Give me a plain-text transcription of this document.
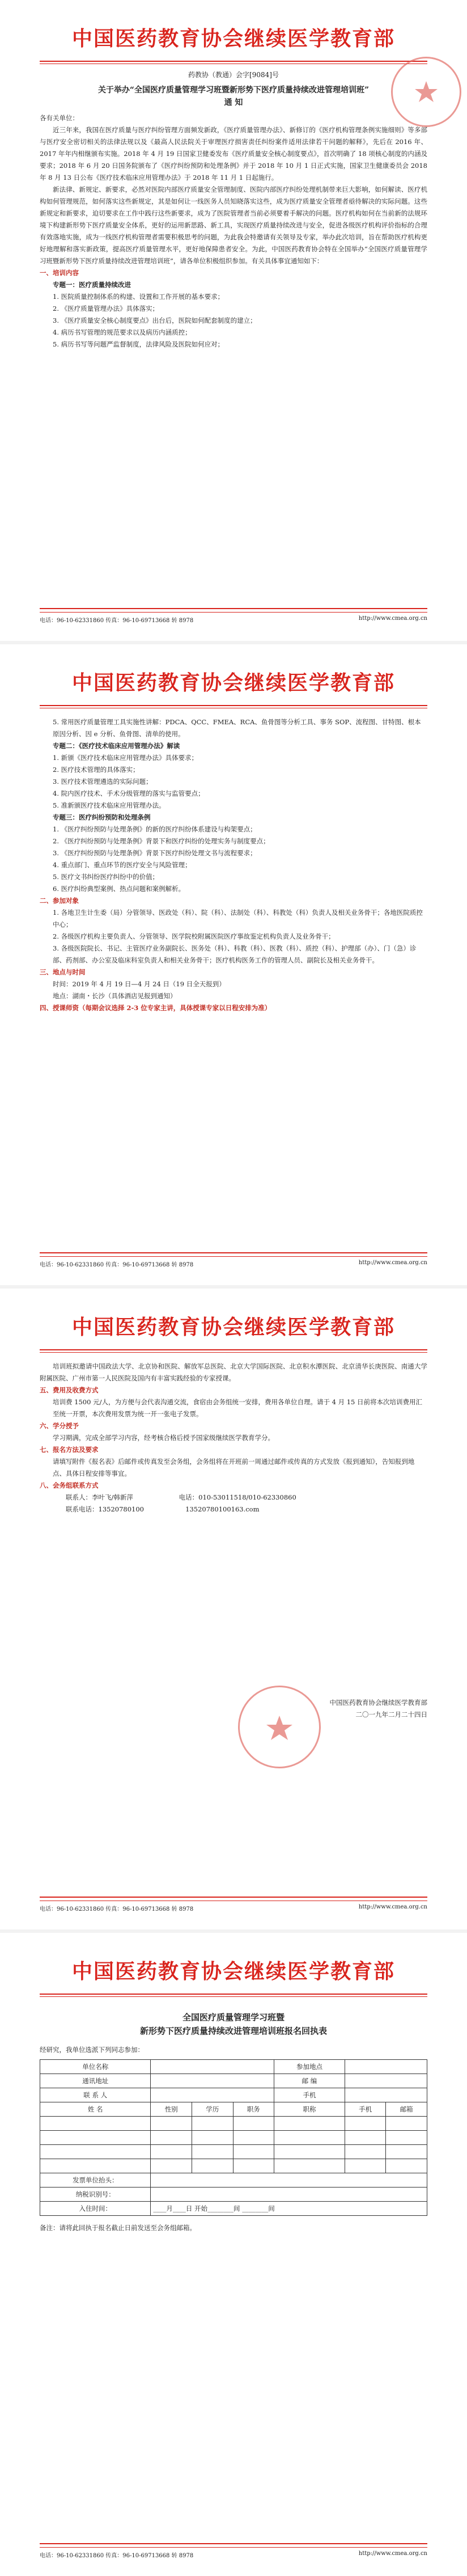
中国医药教育协会继续医学教育部
药教协（教通）会字[9084]号
关于举办“全国医疗质量管理学习班暨新形势下医疗质量持续改进管理培训班”
通 知

各有关单位：

近三年来，我国在医疗质量与医疗纠纷管理方面频发新政，《医疗质量管理办法》、新修订的《医疗机构管理条例实施细则》等多部与医疗安全密切相关的法律法规以及《最高人民法院关于审理医疗损害责任纠纷案件适用法律若干问题的解释》，先后在 2016 年、2017 年年内相继颁布实施。2018 年 4 月 19 日国家卫健委发布《医疗质量安全核心制度要点》，首次明确了 18 项核心制度的内涵及要求；2018 年 6 月 20 日国务院颁布了《医疗纠纷预防和处理条例》并于 2018 年 10 月 1 日正式实施，国家卫生健康委员会 2018 年 8 月 13 日公布《医疗技术临床应用管理办法》于 2018 年 11 月 1 日起施行。

新法律、新规定、新要求，必然对医院内部医疗质量安全管理制度、医院内部医疗纠纷处理机制带来巨大影响，如何解读、医疗机构如何管理规范，如何落实这些新规定，其是如何让一线医务人员知晓落实这些，成为医疗质量安全管理者亟待解决的实际问题。这些新规定和新要求，迫切要求在工作中践行这些新要求，成为了医院管理者当前必须要着手解决的问题。医疗机构如何在当前新的法规环境下构建新形势下医疗质量安全体系，更好的运用新思路、新工具，实现医疗质量持续改进与安全，促进各级医疗机构评价指标的合理有效落地实施，成为一线医疗机构管理者需要积极思考的问题，为此我会特邀请有关领导及专家，举办此次培训，旨在帮助医疗机构更好地理解和落实新政策，提高医疗质量管理水平，更好地保障患者安全。为此，中国医药教育协会特在全国举办“全国医疗质量管理学习班暨新形势下医疗质量持续改进管理培训班”，请各单位积极组织参加。有关具体事宜通知如下：

一、培训内容

专题一：医疗质量持续改进

1. 医院质量控制体系的构建、设置和工作开展的基本要求；

2. 《医疗质量管理办法》具体落实；

3. 《医疗质量安全核心制度要点》出台后，医院如何配套制度的建立；

4. 病历书写管理的规范要求以及病历内涵质控；

5. 病历书写等问题严监督制度，法律风险及医院如何应对；

电话：96-10-62331860 传真：96-10-69713668 转 8978	http://www.cmea.org.cn
中国医药教育协会继续医学教育部

5. 常用医疗质量管理工具实施性讲解：PDCA、QCC、FMEA、RCA、鱼骨图等分析工具、事务 SOP、流程图、甘特图、根本原因分析、因 e 分析、鱼骨图、清单的使用。

专题二：《医疗技术临床应用管理办法》解读

1. 新颁《医疗技术临床应用管理办法》具体要求；

2. 医疗技术管理的具体落实；

3. 医疗技术管理遴选的实际问题；

4. 院内医疗技术、手术分级管理的落实与监管要点；

5. 准新颁医疗技术临床应用管理办法。

专题三：医疗纠纷预防和处理条例

1. 《医疗纠纷预防与处理条例》的新的医疗纠纷体系建设与构架要点；

2. 《医疗纠纷预防与处理条例》背景下和医疗纠纷的处理实务与制度要点；

3. 《医疗纠纷预防与处理条例》背景下医疗纠纷处理文书与流程要求；

4. 重点部门、重点环节的医疗安全与风险管理；

5. 医疗文书纠纷医疗纠纷中的价值；

6. 医疗纠纷典型案例、热点问题和案例解析。

二、参加对象

1. 各地卫生计生委（局）分管领导、医政处（科）、院（科）、法制处（科）、科教处（科）负责人及相关业务骨干；各地医院质控中心；

2. 各级医疗机构主要负责人、分管领导、医学院校附属医院医疗事故鉴定机构负责人及业务骨干；

3. 各级医院院长、书记、主管医疗业务副院长、医务处（科）、科教（科）、医教（科）、质控（科）、护理部（办）、门（急）诊部、药剂部、办公室及临床科室负责人和相关业务骨干；医疗机构医务工作的管理人员、副院长及相关业务骨干。

三、地点与时间

时间：2019 年 4 月 19 日—4 月 24 日（19 日全天报到）

地点：湖南・长沙（具体酒店见报到通知）

四、授课师资（每期会议选择 2-3 位专家主讲，具体授课专家以日程安排为准）

电话：96-10-62331860 传真：96-10-69713668 转 8978	http://www.cmea.org.cn
中国医药教育协会继续医学教育部

培训班拟邀请中国政法大学、北京协和医院、解放军总医院、北京大学国际医院、北京积水潭医院、北京清华长庚医院、南通大学附属医院、广州市第一人民医院及国内有丰富实践经验的专家授课。

五、费用及收费方式

培训费 1500 元/人，为方便与会代表沟通交流，食宿由会务组统一安排，费用各单位自理。请于 4 月 15 日前将本次培训费用汇至统一开票，本次费用发票为统一开一张电子发票。

六、学分授予

学习期满，完成全部学习内容，经考核合格后授予国家级继续医学教育学分。

七、报名方法及要求

请填写附件《报名表》后邮件或传真发至会务组，会务组将在开班前一周通过邮件或传真的方式发放《报到通知》，告知报到地点、具体日程安排等事宜。

八、会务组联系方式

联系人：李叶飞/韩新萍	电话：010-53011518/010-62330860
联系电话：13520780100	13520780100163.com
中国医药教育协会继续医学教育部
二〇一九年二月二十四日
电话：96-10-62331860 传真：96-10-69713668 转 8978	http://www.cmea.org.cn
中国医药教育协会继续医学教育部
全国医疗质量管理学习班暨
新形势下医疗质量持续改进管理培训班报名回执表

经研究，我单位选派下列同志参加：

单位名称				参加地点		
通讯地址				邮 编		
联 系 人				手机		
姓 名	性别	学历	职务	职称	手机	邮箱

发票单位抬头：						
纳税识别号：						
入住时间：	____月____日 开始________间 ________间					

备注：请将此回执于报名截止日前发送至会务组邮箱。

电话：96-10-62331860 传真：96-10-69713668 转 8978	http://www.cmea.org.cn
